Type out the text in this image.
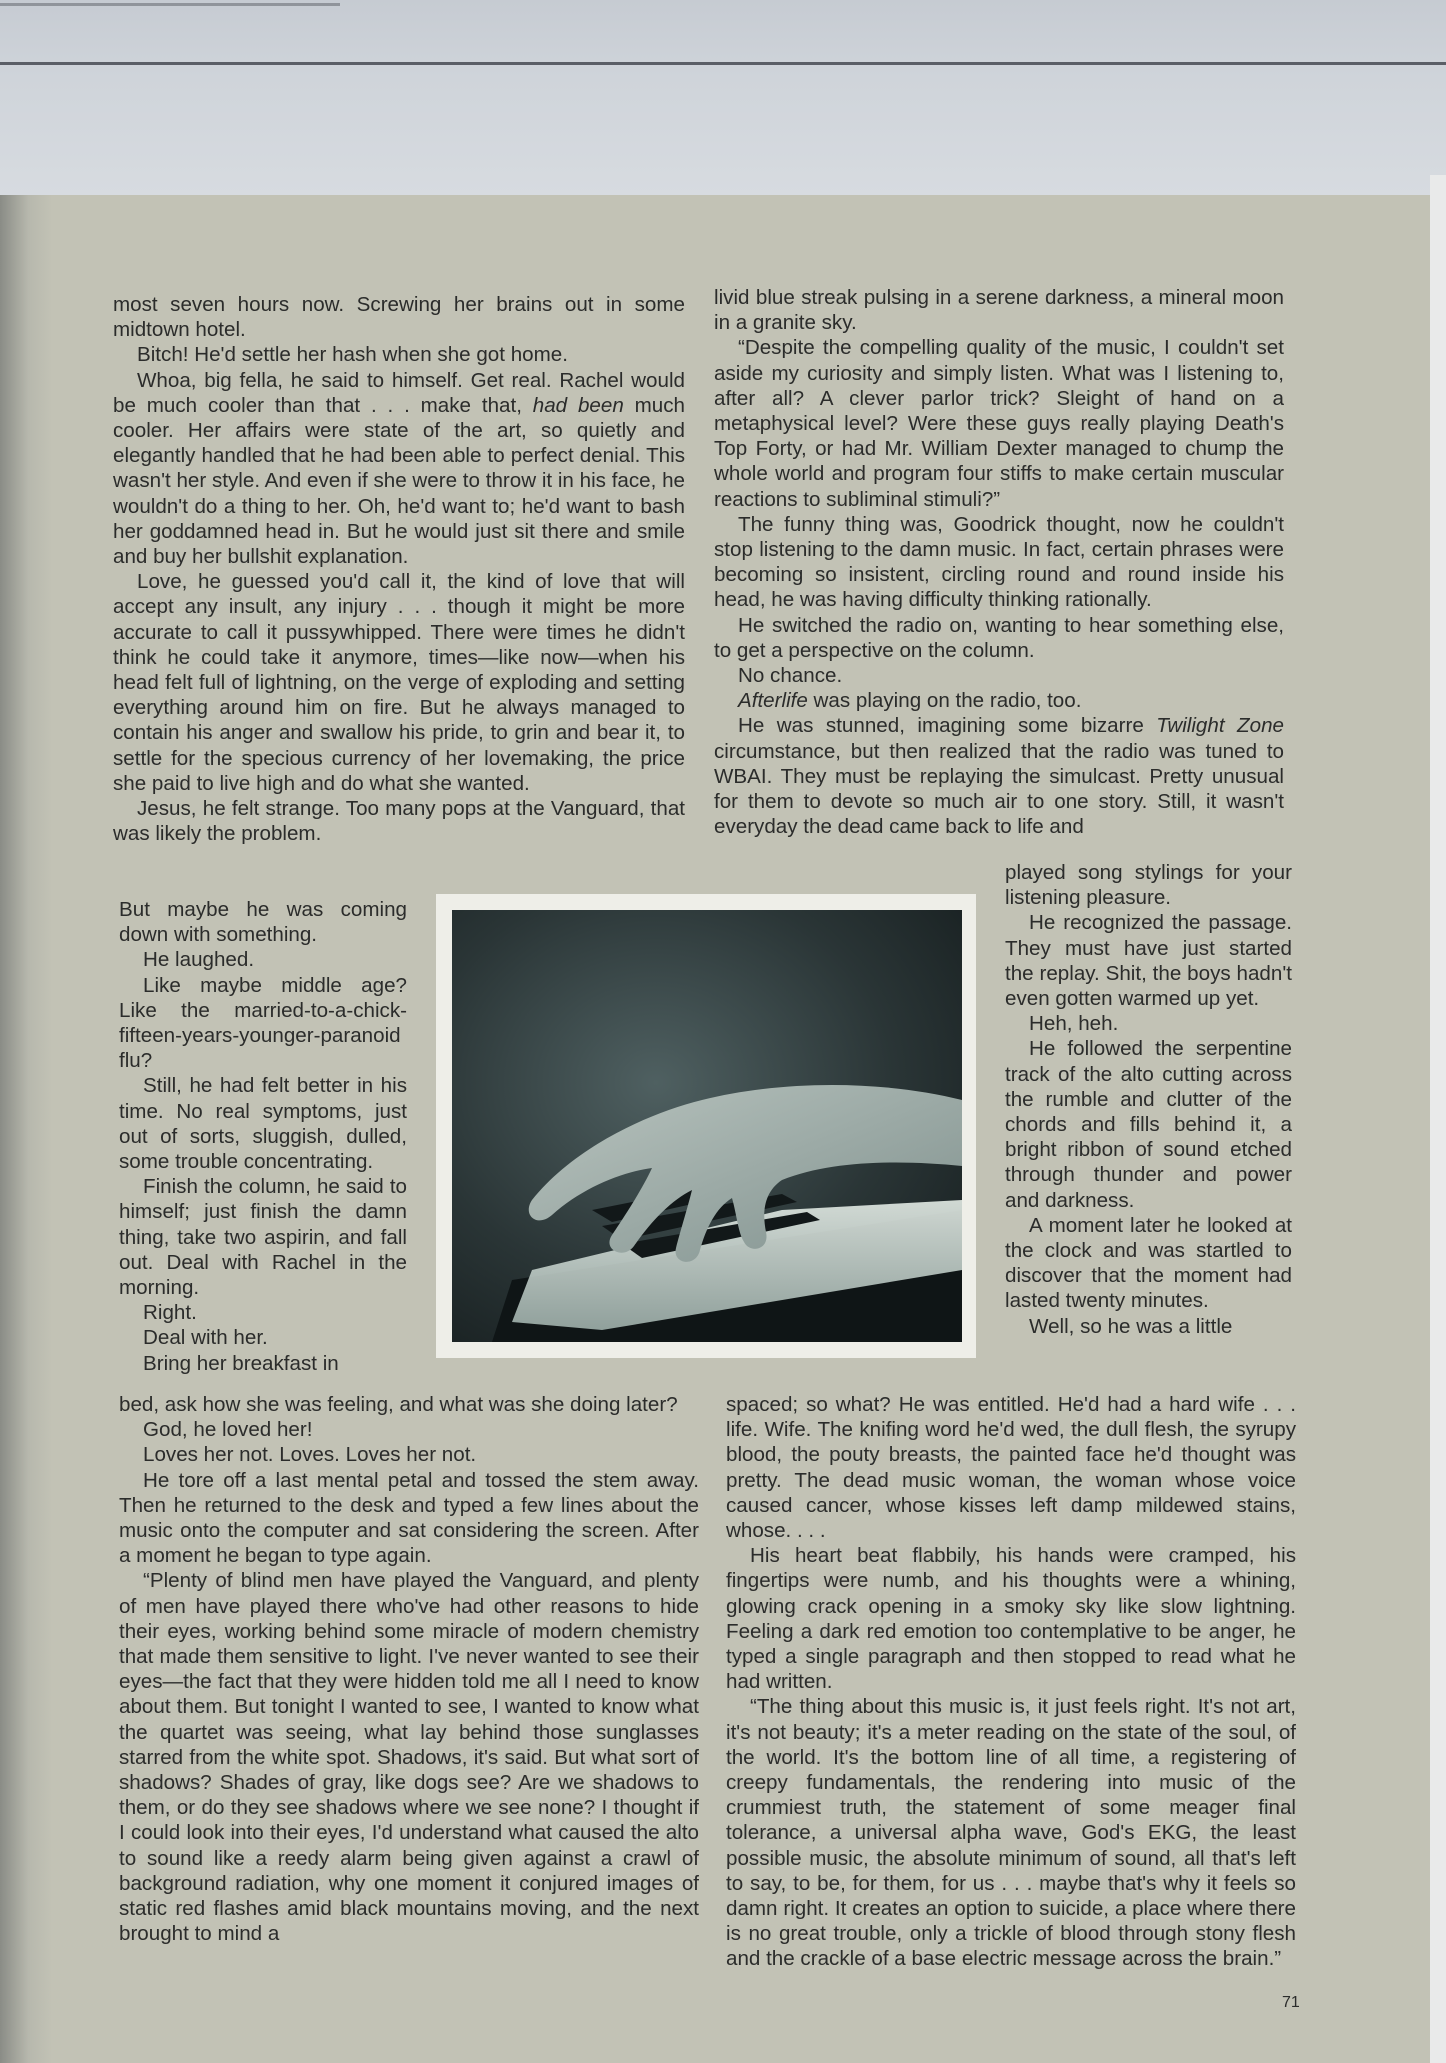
most seven hours now. Screwing her brains out in some midtown hotel.

Bitch! He'd settle her hash when she got home.

Whoa, big fella, he said to himself. Get real. Rachel would be much cooler than that . . . make that, had been much cooler. Her affairs were state of the art, so quietly and elegantly handled that he had been able to perfect denial. This wasn't her style. And even if she were to throw it in his face, he wouldn't do a thing to her. Oh, he'd want to; he'd want to bash her goddamned head in. But he would just sit there and smile and buy her bullshit explanation.

Love, he guessed you'd call it, the kind of love that will accept any insult, any injury . . . though it might be more accurate to call it pussywhipped. There were times he didn't think he could take it anymore, times—like now—when his head felt full of lightning, on the verge of exploding and setting everything around him on fire. But he always managed to contain his anger and swallow his pride, to grin and bear it, to settle for the specious currency of her lovemaking, the price she paid to live high and do what she wanted.

Jesus, he felt strange. Too many pops at the Vanguard, that was likely the problem.

But maybe he was coming down with something.

He laughed.

Like maybe middle age? Like the married-to-a-chick-fifteen-years-younger-paranoid flu?

Still, he had felt better in his time. No real symptoms, just out of sorts, sluggish, dulled, some trouble concentrating.

Finish the column, he said to himself; just finish the damn thing, take two aspirin, and fall out. Deal with Rachel in the morning.

Right.

Deal with her.

Bring her breakfast in

bed, ask how she was feeling, and what was she doing later?

God, he loved her!

Loves her not. Loves. Loves her not.

He tore off a last mental petal and tossed the stem away. Then he returned to the desk and typed a few lines about the music onto the computer and sat considering the screen. After a moment he began to type again.

“Plenty of blind men have played the Vanguard, and plenty of men have played there who've had other reasons to hide their eyes, working behind some miracle of modern chemistry that made them sensitive to light. I've never wanted to see their eyes—the fact that they were hidden told me all I need to know about them. But tonight I wanted to see, I wanted to know what the quartet was seeing, what lay behind those sunglasses starred from the white spot. Shadows, it's said. But what sort of shadows? Shades of gray, like dogs see? Are we shadows to them, or do they see shadows where we see none? I thought if I could look into their eyes, I'd understand what caused the alto to sound like a reedy alarm being given against a crawl of background radiation, why one moment it conjured images of static red flashes amid black mountains moving, and the next brought to mind a

livid blue streak pulsing in a serene darkness, a mineral moon in a granite sky.

“Despite the compelling quality of the music, I couldn't set aside my curiosity and simply listen. What was I listening to, after all? A clever parlor trick? Sleight of hand on a metaphysical level? Were these guys really playing Death's Top Forty, or had Mr. William Dexter managed to chump the whole world and program four stiffs to make certain muscular reactions to subliminal stimuli?”

The funny thing was, Goodrick thought, now he couldn't stop listening to the damn music. In fact, certain phrases were becoming so insistent, circling round and round inside his head, he was having difficulty thinking rationally.

He switched the radio on, wanting to hear something else, to get a perspective on the column.

No chance.

Afterlife was playing on the radio, too.

He was stunned, imagining some bizarre Twilight Zone circumstance, but then realized that the radio was tuned to WBAI. They must be replaying the simulcast. Pretty unusual for them to devote so much air to one story. Still, it wasn't everyday the dead came back to life and

played song stylings for your listening pleasure.

He recognized the passage. They must have just started the replay. Shit, the boys hadn't even gotten warmed up yet.

Heh, heh.

He followed the serpentine track of the alto cutting across the rumble and clutter of the chords and fills behind it, a bright ribbon of sound etched through thunder and power and darkness.

A moment later he looked at the clock and was startled to discover that the moment had lasted twenty minutes.

Well, so he was a little

spaced; so what? He was entitled. He'd had a hard wife . . . life. Wife. The knifing word he'd wed, the dull flesh, the syrupy blood, the pouty breasts, the painted face he'd thought was pretty. The dead music woman, the woman whose voice caused cancer, whose kisses left damp mildewed stains, whose. . . .

His heart beat flabbily, his hands were cramped, his fingertips were numb, and his thoughts were a whining, glowing crack opening in a smoky sky like slow lightning. Feeling a dark red emotion too contemplative to be anger, he typed a single paragraph and then stopped to read what he had written.

“The thing about this music is, it just feels right. It's not art, it's not beauty; it's a meter reading on the state of the soul, of the world. It's the bottom line of all time, a registering of creepy fundamentals, the rendering into music of the crummiest truth, the statement of some meager final tolerance, a universal alpha wave, God's EKG, the least possible music, the absolute minimum of sound, all that's left to say, to be, for them, for us . . . maybe that's why it feels so damn right. It creates an option to suicide, a place where there is no great trouble, only a trickle of blood through stony flesh and the crackle of a base electric message across the brain.”

71
